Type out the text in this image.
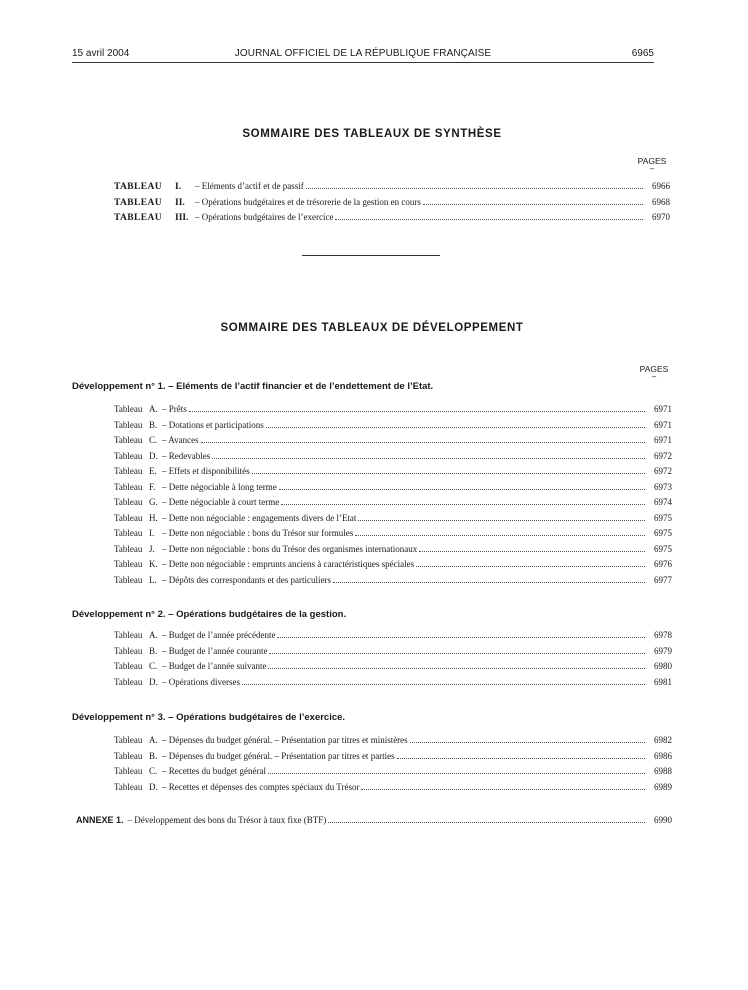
15 avril 2004	JOURNAL OFFICIEL DE LA RÉPUBLIQUE FRANÇAISE	6965
SOMMAIRE DES TABLEAUX DE SYNTHÈSE
PAGES
–
TABLEAU	I.	– Eléments d’actif et de passif	6966
TABLEAU	II.	– Opérations budgétaires et de trésorerie de la gestion en cours	6968
TABLEAU	III. – Opérations budgétaires de l’exercice	6970
SOMMAIRE DES TABLEAUX DE DÉVELOPPEMENT
PAGES
–
Développement n° 1. – Eléments de l’actif financier et de l’endettement de l’Etat.
Tableau A. – Prêts	6971
Tableau B. – Dotations et participations	6971
Tableau C. – Avances	6971
Tableau D. – Redevables	6972
Tableau E. – Effets et disponibilités	6972
Tableau F. – Dette négociable à long terme	6973
Tableau G. – Dette négociable à court terme	6974
Tableau H. – Dette non négociable : engagements divers de l’Etat	6975
Tableau I. – Dette non négociable : bons du Trésor sur formules	6975
Tableau J. – Dette non négociable : bons du Trésor des organismes internationaux	6975
Tableau K. – Dette non négociable : emprunts anciens à caractéristiques spéciales	6976
Tableau L. – Dépôts des correspondants et des particuliers	6977
Développement n° 2. – Opérations budgétaires de la gestion.
Tableau A. – Budget de l’année précédente	6978
Tableau B. – Budget de l’année courante	6979
Tableau C. – Budget de l’année suivante	6980
Tableau D. – Opérations diverses	6981
Développement n° 3. – Opérations budgétaires de l’exercice.
Tableau A. – Dépenses du budget général. – Présentation par titres et ministères	6982
Tableau B. – Dépenses du budget général. – Présentation par titres et parties	6986
Tableau C. – Recettes du budget général	6988
Tableau D. – Recettes et dépenses des comptes spéciaux du Trésor	6989
ANNEXE 1. – Développement des bons du Trésor à taux fixe (BTF)	6990
